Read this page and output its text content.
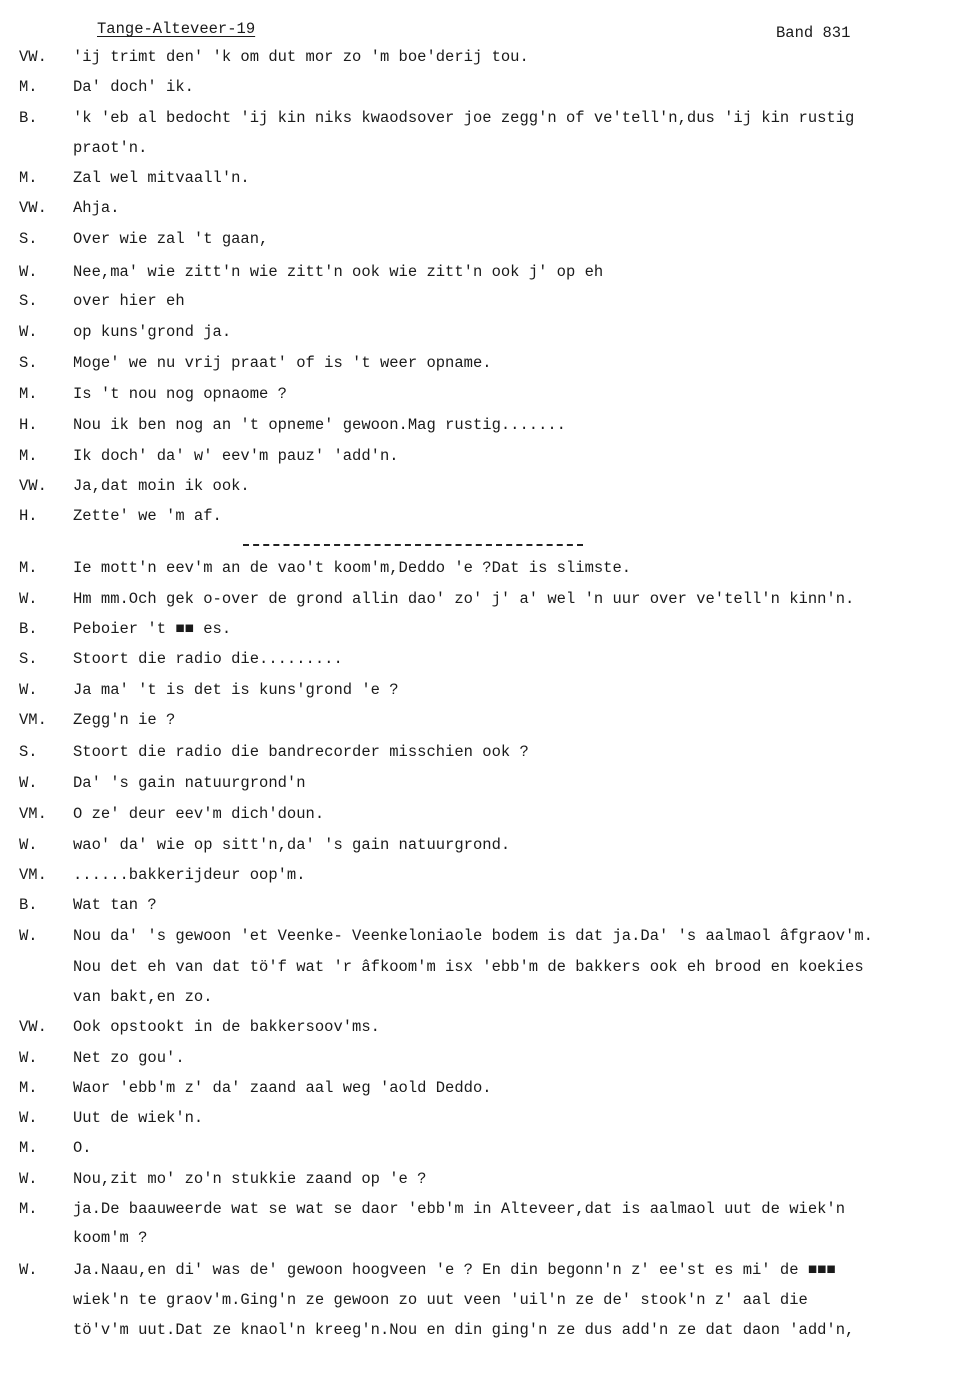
Tange-Alteveer-19	Band 831
VW. 'ij trimt den' 'k om dut mor zo 'm boe'derij tou.
M. Da' doch' ik.
B. 'k 'eb al bedocht 'ij kin niks kwaodsover joe zegg'n of ve'tell'n,dus 'ij kin rustig
praot'n.
M. Zal wel mitvaall'n.
VW. Ahja.
S. Over wie zal 't gaan,
W. Nee,ma' wie zitt'n wie zitt'n ook wie zitt'n ook j' op eh
S. over hier eh
W. op kuns'grond ja.
S. Moge' we nu vrij praat' of is 't weer opname.
M. Is 't nou nog opnaome ?
H. Nou ik ben nog an 't opneme' gewoon.Mag rustig.......
M. Ik doch' da' w' eev'm pauz' 'add'n.
VW. Ja,dat moin ik ook.
H. Zette' we 'm af.
M. Ie mott'n eev'm an de vao't koom'm,Deddo 'e ?Dat is slimste.
W. Hm mm.Och gek o-over de grond allin dao' zo' j' a' wel 'n uur over ve'tell'n kinn'n.
B. Peboier 't ■■ es.
S. Stoort die radio die.........
W. Ja ma' 't is det is kuns'grond 'e ?
VM. Zegg'n ie ?
S. Stoort die radio die bandrecorder misschien ook ?
W. Da' 's gain natuurgrond'n
VM. O ze' deur eev'm dich'doun.
W. wao' da' wie op sitt'n,da' 's gain natuurgrond.
VM. ......bakkerijdeur oop'm.
B. Wat tan ?
W. Nou da' 's gewoon 'et Veenke- Veenkeloniaole bodem is dat ja.Da' 's aalmaol âfgraov'm.
Nou det eh van dat tö'f wat 'r âfkoom'm isx 'ebb'm de bakkers ook eh brood en koekies
van bakt,en zo.
VW. Ook opstookt in de bakkersoov'ms.
W. Net zo gou'.
M. Waor 'ebb'm z' da' zaand aal weg 'aold Deddo.
W. Uut de wiek'n.
M. O.
W. Nou,zit mo' zo'n stukkie zaand op 'e ?
M. ja.De baauweerde wat se wat se daor 'ebb'm in Alteveer,dat is aalmaol uut de wiek'n
koom'm ?
W. Ja.Naau,en di' was de' gewoon hoogveen 'e ? En din begonn'n z' ee'st es mi' de ■■■
wiek'n te graov'm.Ging'n ze gewoon zo uut veen 'uil'n ze de' stook'n z' aal die
tö'v'm uut.Dat ze knaol'n kreeg'n.Nou en din ging'n ze dus add'n ze dat daon 'add'n,
